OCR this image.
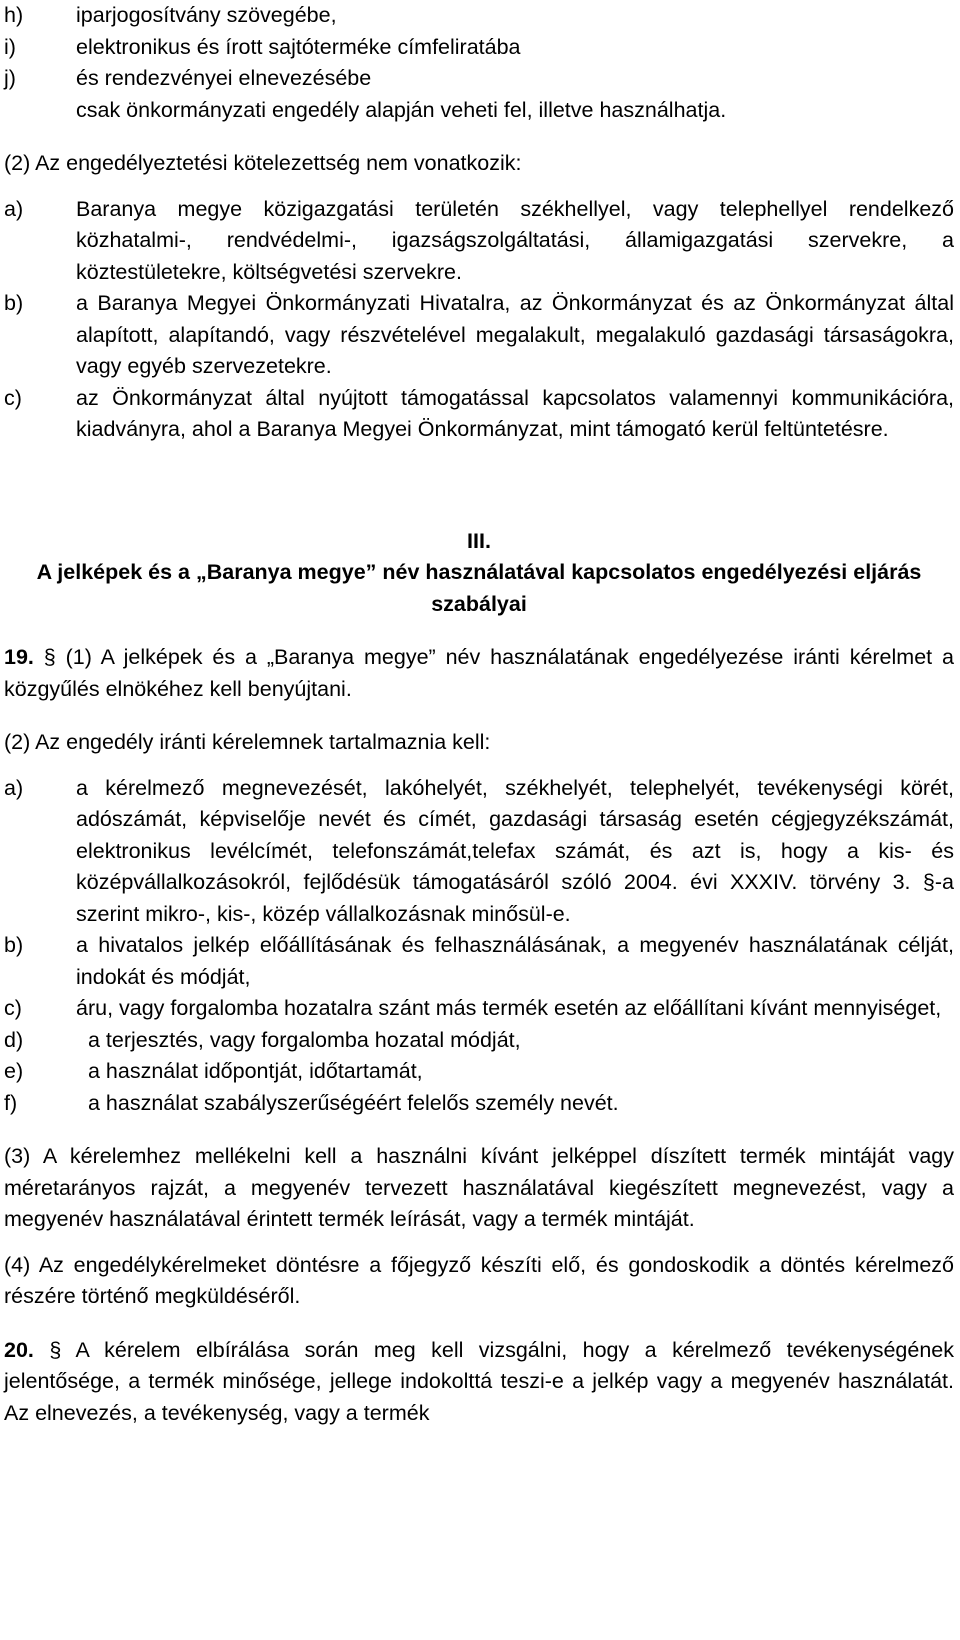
h)	iparjogosítvány szövegébe,
i)	elektronikus és írott sajtóterméke címfeliratába
j)	és rendezvényei elnevezésébe
csak önkormányzati engedély alapján veheti fel, illetve használhatja.
(2) Az engedélyeztetési kötelezettség nem vonatkozik:
a)	Baranya megye közigazgatási területén székhellyel, vagy telephellyel rendelkező közhatalmi-, rendvédelmi-, igazságszolgáltatási, államigazgatási szervekre, a köztestületekre, költségvetési szervekre.
b)	a Baranya Megyei Önkormányzati Hivatalra, az Önkormányzat és az Önkormányzat által alapított, alapítandó, vagy részvételével megalakult, megalakuló gazdasági társaságokra, vagy egyéb szervezetekre.
c)	az Önkormányzat által nyújtott támogatással kapcsolatos valamennyi kommunikációra, kiadványra, ahol a Baranya Megyei Önkormányzat, mint támogató kerül feltüntetésre.
III.
A jelképek és a „Baranya megye” név használatával kapcsolatos engedélyezési eljárás szabályai
19. § (1) A jelképek és a „Baranya megye” név használatának engedélyezése iránti kérelmet a közgyűlés elnökéhez kell benyújtani.
(2) Az engedély iránti kérelemnek tartalmaznia kell:
a)	a kérelmező megnevezését, lakóhelyét, székhelyét, telephelyét, tevékenységi körét, adószámát, képviselője nevét és címét, gazdasági társaság esetén cégjegyzékszámát, elektronikus levélcímét, telefonszámát,telefax számát, és azt is, hogy a kis- és középvállalkozásokról, fejlődésük támogatásáról szóló 2004. évi XXXIV. törvény 3. §-a szerint mikro-, kis-, közép vállalkozásnak minősül-e.
b)	a hivatalos jelkép előállításának és felhasználásának, a megyenév használatának célját, indokát és módját,
c)	áru, vagy forgalomba hozatalra szánt más termék esetén az előállítani kívánt mennyiséget,
d)	a terjesztés, vagy forgalomba hozatal módját,
e)	a használat időpontját, időtartamát,
f)	a használat szabályszerűségéért felelős személy nevét.
(3) A kérelemhez mellékelni kell a használni kívánt jelképpel díszített termék mintáját vagy méretarányos rajzát, a megyenév tervezett használatával kiegészített megnevezést, vagy a megyenév használatával érintett termék leírását, vagy a termék mintáját.
(4) Az engedélykérelmeket döntésre a főjegyző készíti elő, és gondoskodik a döntés kérelmező részére történő megküldéséről.
20. § A kérelem elbírálása során meg kell vizsgálni, hogy a kérelmező tevékenységének jelentősége, a termék minősége, jellege indokolttá teszi-e a jelkép vagy a megyenév használatát. Az elnevezés, a tevékenység, vagy a termék
